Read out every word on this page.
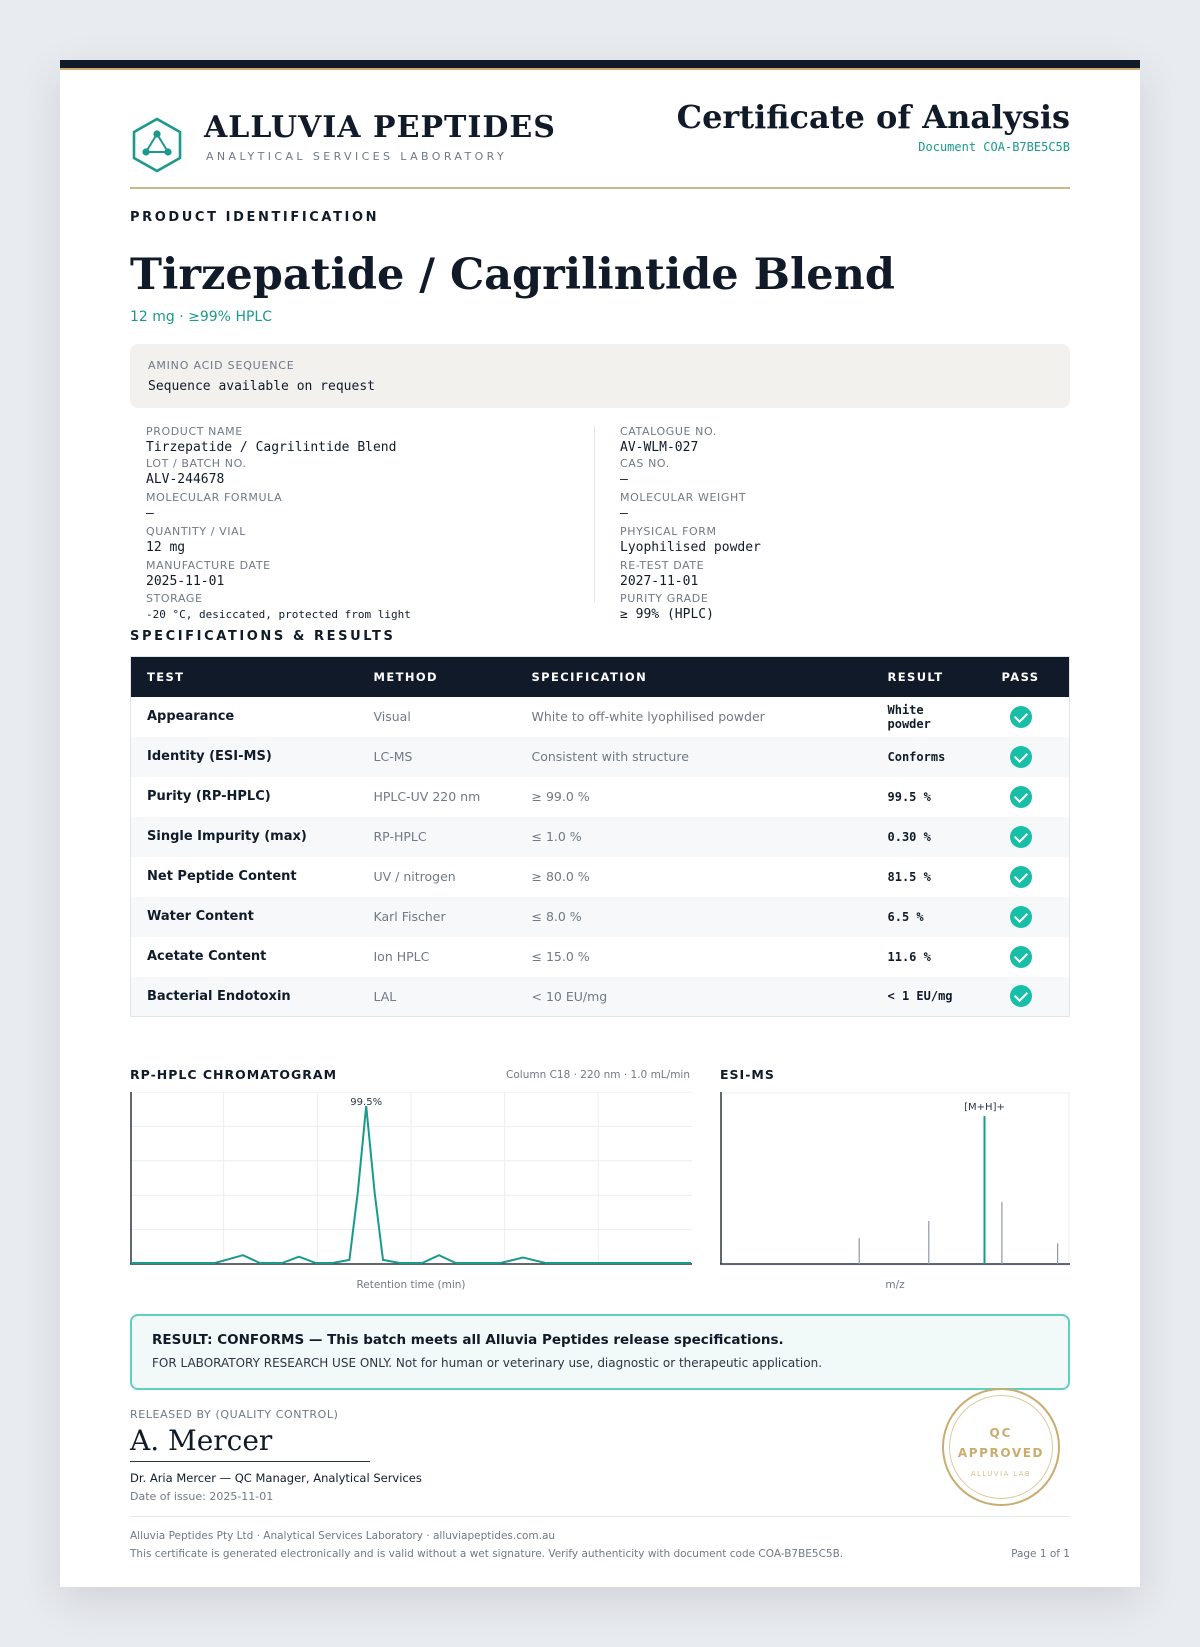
ALLUVIA PEPTIDES
ANALYTICAL SERVICES LABORATORY
Certificate of Analysis
Document COA-B7BE5C5B
PRODUCT IDENTIFICATION
Tirzepatide / Cagrilintide Blend
12 mg · ≥99% HPLC
AMINO ACID SEQUENCE
Sequence available on request
PRODUCT NAME
Tirzepatide / Cagrilintide Blend
LOT / BATCH NO.
ALV-244678
MOLECULAR FORMULA
—
QUANTITY / VIAL
12 mg
MANUFACTURE DATE
2025-11-01
STORAGE
-20 °C, desiccated, protected from light
CATALOGUE NO.
AV-WLM-027
CAS NO.
—
MOLECULAR WEIGHT
—
PHYSICAL FORM
Lyophilised powder
RE-TEST DATE
2027-11-01
PURITY GRADE
≥ 99% (HPLC)
SPECIFICATIONS & RESULTS
TEST	METHOD	SPECIFICATION	RESULT	PASS
Appearance	Visual	White to off-white lyophilised powder	White powder	
Identity (ESI-MS)	LC-MS	Consistent with structure	Conforms	
Purity (RP-HPLC)	HPLC-UV 220 nm	≥ 99.0 %	99.5 %	
Single Impurity (max)	RP-HPLC	≤ 1.0 %	0.30 %	
Net Peptide Content	UV / nitrogen	≥ 80.0 %	81.5 %	
Water Content	Karl Fischer	≤ 8.0 %	6.5 %	
Acetate Content	Ion HPLC	≤ 15.0 %	11.6 %	
Bacterial Endotoxin	LAL	< 10 EU/mg	< 1 EU/mg	
RP-HPLC CHROMATOGRAM	Column C18 · 220 nm · 1.0 mL/min
99.5%
Retention time (min)
ESI-MS
[M+H]+
m/z
RESULT: CONFORMS — This batch meets all Alluvia Peptides release specifications.
FOR LABORATORY RESEARCH USE ONLY. Not for human or veterinary use, diagnostic or therapeutic application.
RELEASED BY (QUALITY CONTROL)
A. Mercer
Dr. Aria Mercer — QC Manager, Analytical Services
Date of issue: 2025-11-01
QC
APPROVED
ALLUVIA LAB
Alluvia Peptides Pty Ltd · Analytical Services Laboratory · alluviapeptides.com.au
This certificate is generated electronically and is valid without a wet signature. Verify authenticity with document code COA-B7BE5C5B.	Page 1 of 1
